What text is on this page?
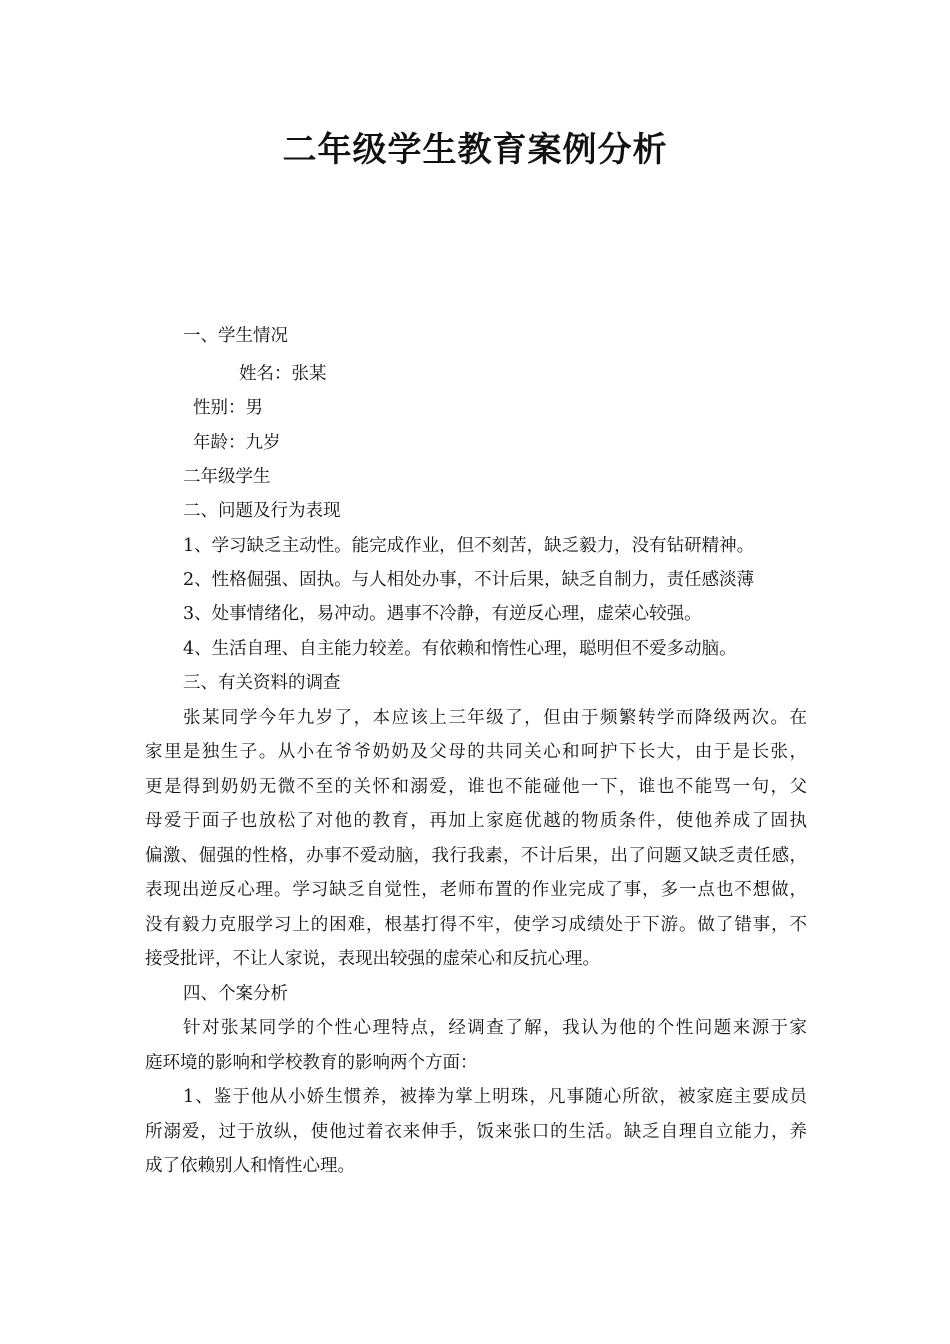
二年级学生教育案例分析
一、学生情况
姓名：张某
性别：男
年龄：九岁
二年级学生
二、问题及行为表现
1、学习缺乏主动性。能完成作业，但不刻苦，缺乏毅力，没有钻研精神。
2、性格倔强、固执。与人相处办事，不计后果，缺乏自制力，责任感淡薄
3、处事情绪化，易冲动。遇事不冷静，有逆反心理，虚荣心较强。
4、生活自理、自主能力较差。有依赖和惰性心理，聪明但不爱多动脑。
三、有关资料的调查
张某同学今年九岁了，本应该上三年级了，但由于频繁转学而降级两次。在
家里是独生子。从小在爷爷奶奶及父母的共同关心和呵护下长大，由于是长张，
更是得到奶奶无微不至的关怀和溺爱，谁也不能碰他一下，谁也不能骂一句，父
母爱于面子也放松了对他的教育，再加上家庭优越的物质条件，使他养成了固执
偏激、倔强的性格，办事不爱动脑，我行我素，不计后果，出了问题又缺乏责任感，
表现出逆反心理。学习缺乏自觉性，老师布置的作业完成了事，多一点也不想做，
没有毅力克服学习上的困难，根基打得不牢，使学习成绩处于下游。做了错事，不
接受批评，不让人家说，表现出较强的虚荣心和反抗心理。
四、个案分析
针对张某同学的个性心理特点，经调查了解，我认为他的个性问题来源于家
庭环境的影响和学校教育的影响两个方面：
1、鉴于他从小娇生惯养，被捧为掌上明珠，凡事随心所欲，被家庭主要成员
所溺爱，过于放纵，使他过着衣来伸手，饭来张口的生活。缺乏自理自立能力，养
成了依赖别人和惰性心理。
